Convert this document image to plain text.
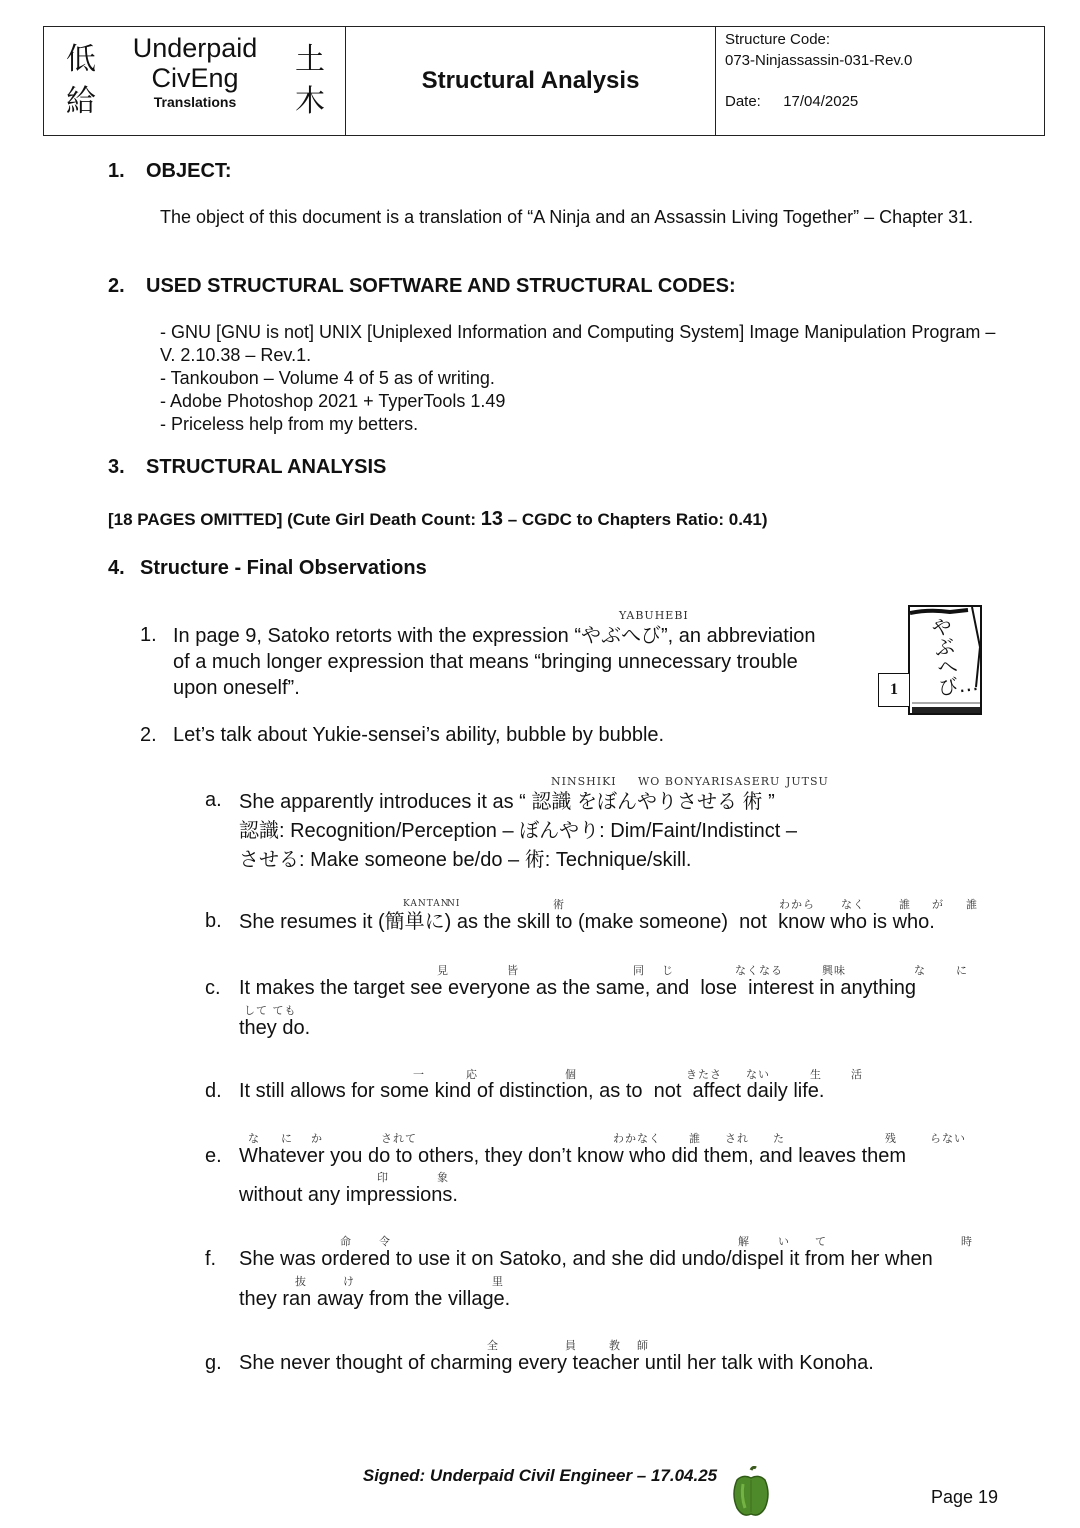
低
給
Underpaid
CivEng
Translations
土
木
Structural Analysis
Structure Code:
073-Ninjassassin-031-Rev.0
Date: 17/04/2025
1. OBJECT:
The object of this document is a translation of “A Ninja and an Assassin Living Together” – Chapter 31.
2. USED STRUCTURAL SOFTWARE AND STRUCTURAL CODES:
- GNU [GNU is not] UNIX [Uniplexed Information and Computing System] Image Manipulation Program – V. 2.10.38 – Rev.1.
- Tankoubon – Volume 4 of 5 as of writing.
- Adobe Photoshop 2021 + TyperTools 1.49
- Priceless help from my betters.
3. STRUCTURAL ANALYSIS
[18 PAGES OMITTED] (Cute Girl Death Count: 13 – CGDC to Chapters Ratio: 0.41)
4. Structure - Final Observations
YABUHEBI
1. In page 9, Satoko retorts with the expression “やぶへび”, an abbreviation
of a much longer expression that means “bringing unnecessary trouble
upon oneself”.
やぶへび…
1
2. Let’s talk about Yukie-sensei’s ability, bubble by bubble.
NINSHIKI WO BONYARISASERU JUTSU
a. She apparently introduces it as “ 認識 をぼんやりさせる 術 ”
認識: Recognition/Perception – ぼんやり: Dim/Faint/Indistinct –
させる: Make someone be/do – 術: Technique/skill.
KANTAN
NI	術	わから なく	誰 が 誰
b. She resumes it (簡単に) as the skill to (make someone)  not  know who is who.
見	皆	同 じ	なくなる	興味	な	に
c. It makes the target see everyone as the same, and  lose  interest in anything
して ても
they do.
一	応	個	きたさ ない	生	活
d. It still allows for some kind of distinction, as to  not  affect daily life.
な に か	されて	わかなく	誰 され た	残	らない
e. Whatever you do to others, they don’t know who did them, and leaves them
印	象
without any impressions.
命 令	解	い て	時
f. She was ordered to use it on Satoko, and she did undo/dispel it from her when
抜	け	里
they ran away from the village.
全	員	教 師
g. She never thought of charming every teacher until her talk with Konoha.
Signed: Underpaid Civil Engineer – 17.04.25
Page 19
